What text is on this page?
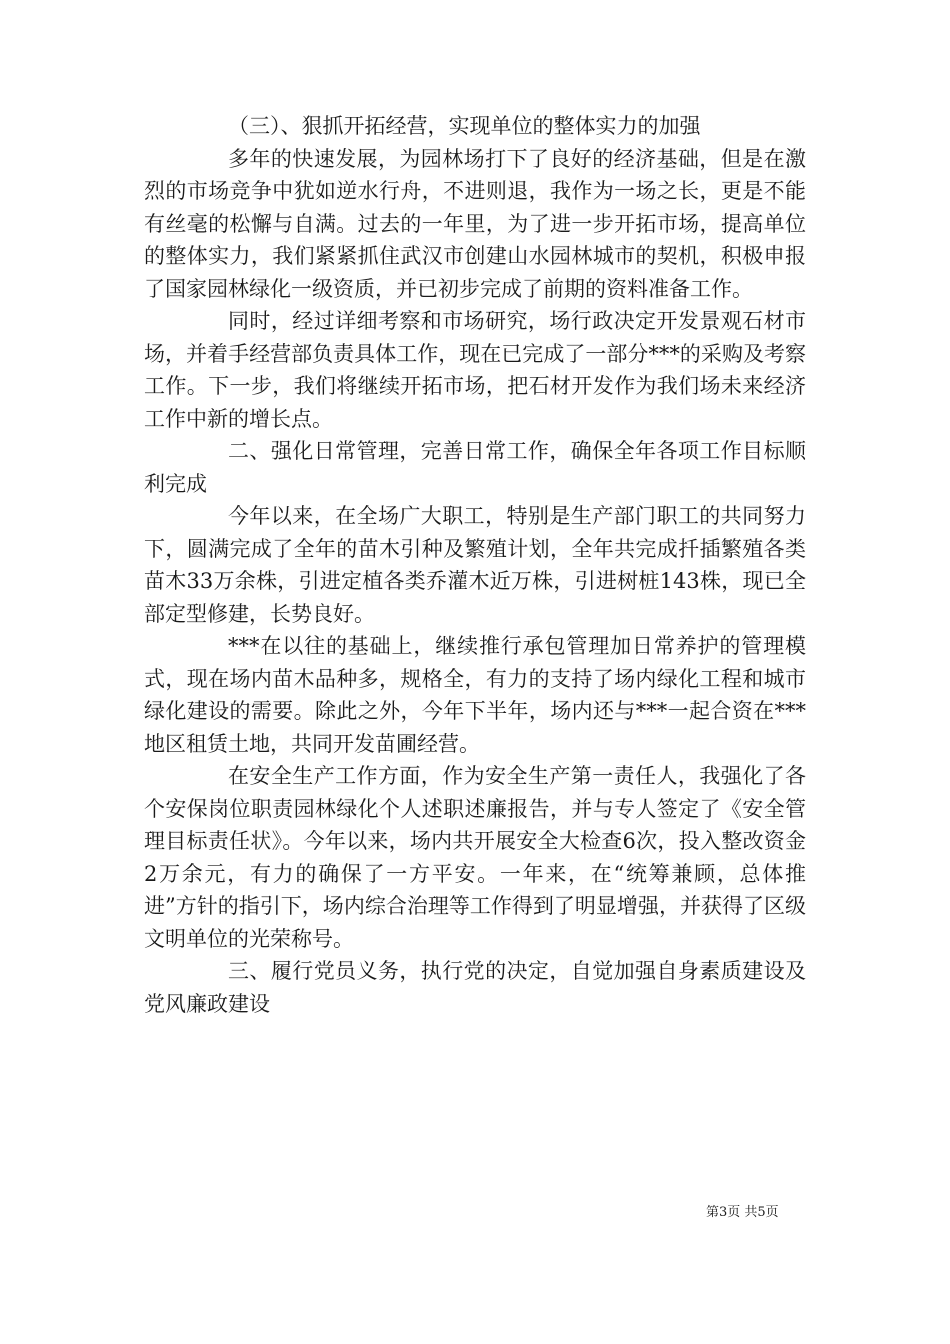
（三）、狠抓开拓经营，实现单位的整体实力的加强

多年的快速发展，为园林场打下了良好的经济基础，但是在激烈的市场竞争中犹如逆水行舟，不进则退，我作为一场之长，更是不能有丝毫的松懈与自满。过去的一年里，为了进一步开拓市场，提高单位的整体实力，我们紧紧抓住武汉市创建山水园林城市的契机，积极申报了国家园林绿化一级资质，并已初步完成了前期的资料准备工作。

同时，经过详细考察和市场研究，场行政决定开发景观石材市场，并着手经营部负责具体工作，现在已完成了一部分***的采购及考察工作。下一步，我们将继续开拓市场，把石材开发作为我们场未来经济工作中新的增长点。

二、强化日常管理，完善日常工作，确保全年各项工作目标顺利完成

今年以来，在全场广大职工，特别是生产部门职工的共同努力下，圆满完成了全年的苗木引种及繁殖计划，全年共完成扦插繁殖各类苗木33万余株，引进定植各类乔灌木近万株，引进树桩143株，现已全部定型修建，长势良好。

***在以往的基础上，继续推行承包管理加日常养护的管理模式，现在场内苗木品种多，规格全，有力的支持了场内绿化工程和城市绿化建设的需要。除此之外，今年下半年，场内还与***一起合资在***地区租赁土地，共同开发苗圃经营。

在安全生产工作方面，作为安全生产第一责任人，我强化了各个安保岗位职责园林绿化个人述职述廉报告，并与专人签定了《安全管理目标责任状》。今年以来，场内共开展安全大检查6次，投入整改资金2万余元，有力的确保了一方平安。一年来，在“统筹兼顾，总体推进”方针的指引下，场内综合治理等工作得到了明显增强，并获得了区级文明单位的光荣称号。

三、履行党员义务，执行党的决定，自觉加强自身素质建设及党风廉政建设

第3页 共5页
